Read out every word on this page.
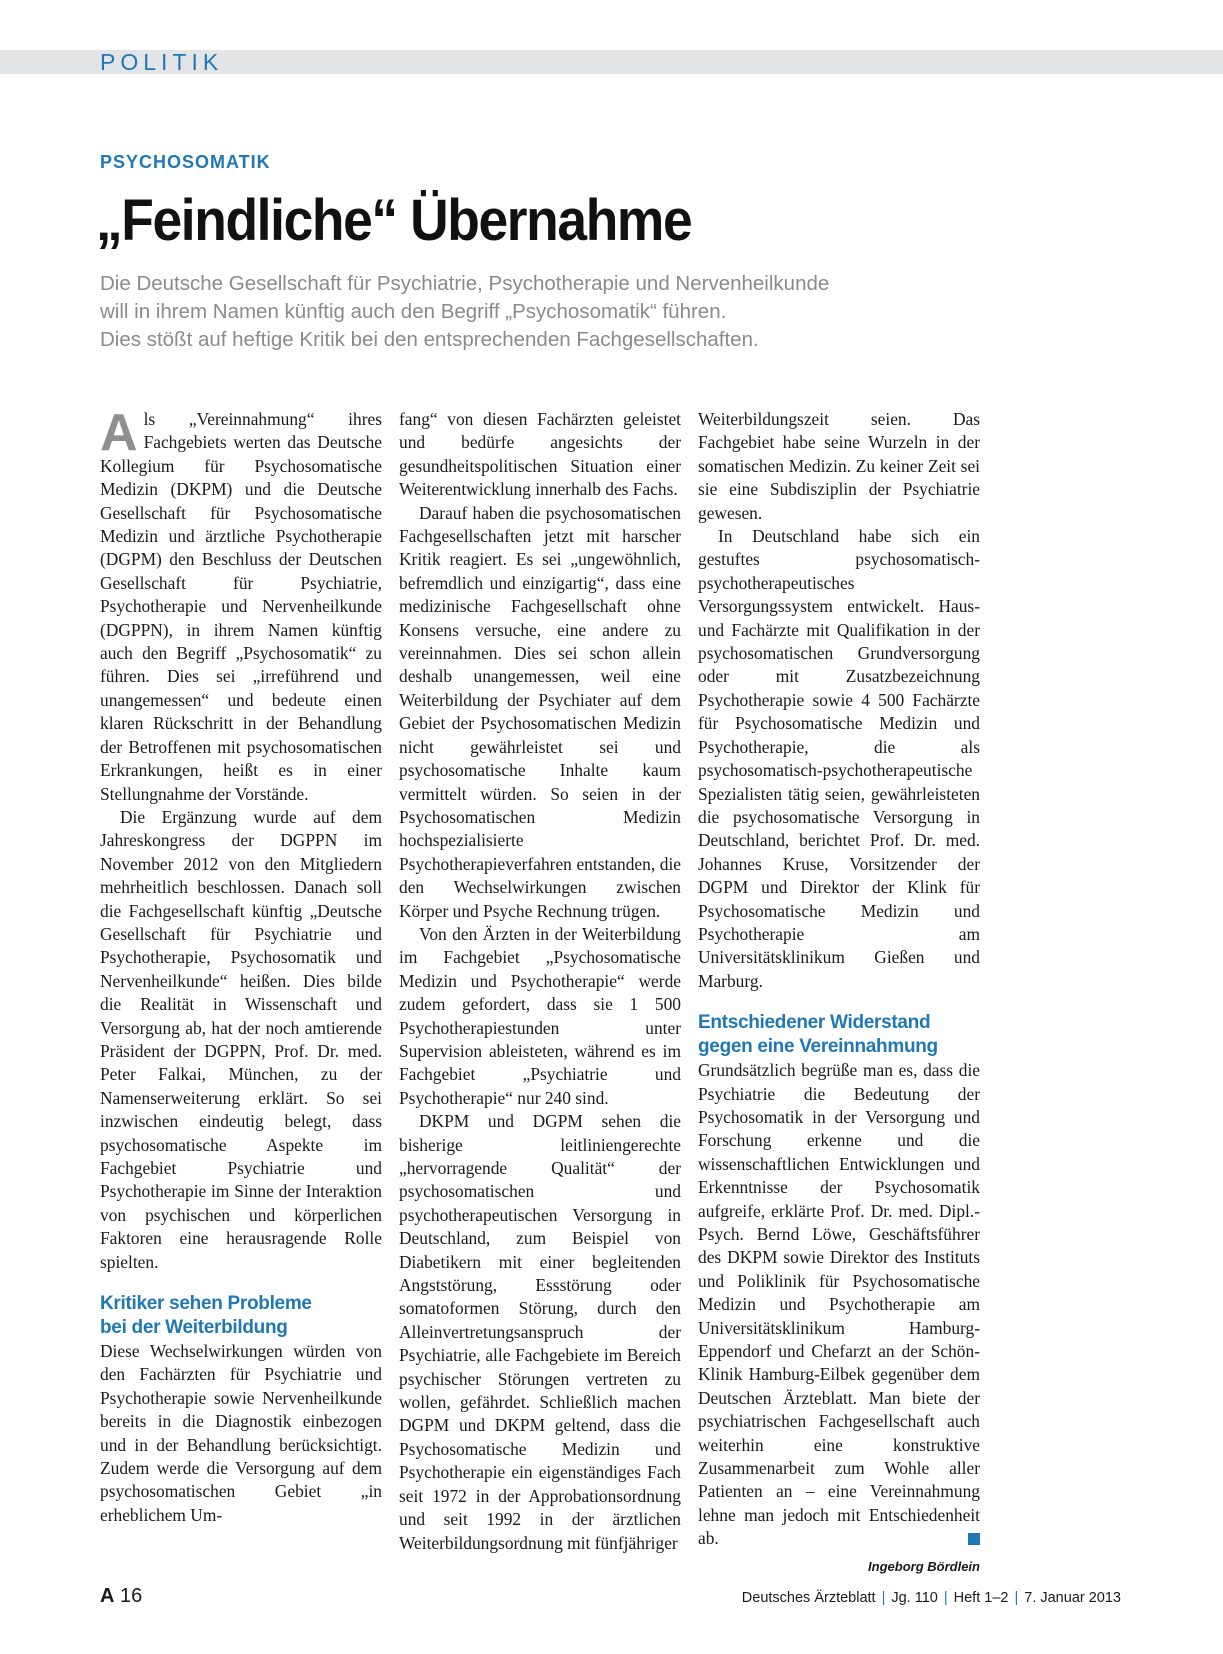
POLITIK
PSYCHOSOMATIK
„Feindliche“ Übernahme
Die Deutsche Gesellschaft für Psychiatrie, Psychotherapie und Nervenheilkunde
will in ihrem Namen künftig auch den Begriff „Psychosomatik“ führen.
Dies stößt auf heftige Kritik bei den entsprechenden Fachgesellschaften.

Als „Vereinnahmung“ ihres Fachgebiets werten das Deutsche Kollegium für Psychosomatische Medizin (DKPM) und die Deutsche Gesellschaft für Psychosomatische Medizin und ärztliche Psychotherapie (DGPM) den Beschluss der Deutschen Gesellschaft für Psychiatrie, Psychotherapie und Nervenheilkunde (DGPPN), in ihrem Namen künftig auch den Begriff „Psychosomatik“ zu führen. Dies sei „irreführend und unangemessen“ und bedeute einen klaren Rückschritt in der Behandlung der Betroffenen mit psychosomatischen Erkrankungen, heißt es in einer Stellungnahme der Vorstände.

Die Ergänzung wurde auf dem Jahreskongress der DGPPN im November 2012 von den Mitgliedern mehrheitlich beschlossen. Danach soll die Fachgesellschaft künftig „Deutsche Gesellschaft für Psychiatrie und Psychotherapie, Psychosomatik und Nervenheilkunde“ heißen. Dies bilde die Realität in Wissenschaft und Versorgung ab, hat der noch amtierende Präsident der DGPPN, Prof. Dr. med. Peter Falkai, München, zu der Namenserweiterung erklärt. So sei inzwischen eindeutig belegt, dass psychosomatische Aspekte im Fachgebiet Psychiatrie und Psychotherapie im Sinne der Interaktion von psychischen und körperlichen Faktoren eine herausragende Rolle spielten.

Kritiker sehen Probleme
bei der Weiterbildung

Diese Wechselwirkungen würden von den Fachärzten für Psychiatrie und Psychotherapie sowie Nervenheilkunde bereits in die Diagnostik einbezogen und in der Behandlung berücksichtigt. Zudem werde die Versorgung auf dem psychosomatischen Gebiet „in erheblichem Um-

fang“ von diesen Fachärzten geleistet und bedürfe angesichts der gesundheitspolitischen Situation einer Weiterentwicklung innerhalb des Fachs.

Darauf haben die psychosomatischen Fachgesellschaften jetzt mit harscher Kritik reagiert. Es sei „ungewöhnlich, befremdlich und einzigartig“, dass eine medizinische Fachgesellschaft ohne Konsens versuche, eine andere zu vereinnahmen. Dies sei schon allein deshalb unangemessen, weil eine Weiterbildung der Psychiater auf dem Gebiet der Psychosomatischen Medizin nicht gewährleistet sei und psychosomatische Inhalte kaum vermittelt würden. So seien in der Psychosomatischen Medizin hochspezialisierte Psychotherapieverfahren entstanden, die den Wechselwirkungen zwischen Körper und Psyche Rechnung trügen.

Von den Ärzten in der Weiterbildung im Fachgebiet „Psychosomatische Medizin und Psychotherapie“ werde zudem gefordert, dass sie 1 500 Psychotherapiestunden unter Supervision ableisteten, während es im Fachgebiet „Psychiatrie und Psychotherapie“ nur 240 sind.

DKPM und DGPM sehen die bisherige leitliniengerechte „hervorragende Qualität“ der psychosomatischen und psychotherapeutischen Versorgung in Deutschland, zum Beispiel von Diabetikern mit einer begleitenden Angststörung, Essstörung oder somatoformen Störung, durch den Alleinvertretungsanspruch der Psychiatrie, alle Fachgebiete im Bereich psychischer Störungen vertreten zu wollen, gefährdet. Schließlich machen DGPM und DKPM geltend, dass die Psychosomatische Medizin und Psychotherapie ein eigenständiges Fach seit 1972 in der Approbationsordnung und seit 1992 in der ärztlichen Weiterbildungsordnung mit fünfjähriger

Weiterbildungszeit seien. Das Fachgebiet habe seine Wurzeln in der somatischen Medizin. Zu keiner Zeit sei sie eine Subdisziplin der Psychiatrie gewesen.

In Deutschland habe sich ein gestuftes psychosomatisch-psychotherapeutisches Versorgungssystem entwickelt. Haus- und Fachärzte mit Qualifikation in der psychosomatischen Grundversorgung oder mit Zusatzbezeichnung Psychotherapie sowie 4 500 Fachärzte für Psychosomatische Medizin und Psychotherapie, die als psychosomatisch-psychotherapeutische Spezialisten tätig seien, gewährleisteten die psychosomatische Versorgung in Deutschland, berichtet Prof. Dr. med. Johannes Kruse, Vorsitzender der DGPM und Direktor der Klink für Psychosomatische Medizin und Psychotherapie am Universitätsklinikum Gießen und Marburg.

Entschiedener Widerstand
gegen eine Vereinnahmung

Grundsätzlich begrüße man es, dass die Psychiatrie die Bedeutung der Psychosomatik in der Versorgung und Forschung erkenne und die wissenschaftlichen Entwicklungen und Erkenntnisse der Psychosomatik aufgreife, erklärte Prof. Dr. med. Dipl.-Psych. Bernd Löwe, Geschäftsführer des DKPM sowie Direktor des Instituts und Poliklinik für Psychosomatische Medizin und Psychotherapie am Universitätsklinikum Hamburg-Eppendorf und Chefarzt an der Schön-Klinik Hamburg-Eilbek gegenüber dem Deutschen Ärzteblatt. Man biete der psychiatrischen Fachgesellschaft auch weiterhin eine konstruktive Zusammenarbeit zum Wohle aller Patienten an – eine Vereinnahmung lehne man jedoch mit Entschiedenheit ab.

Ingeborg Bördlein
A 16	Deutsches Ärzteblatt | Jg. 110 | Heft 1–2 | 7. Januar 2013
